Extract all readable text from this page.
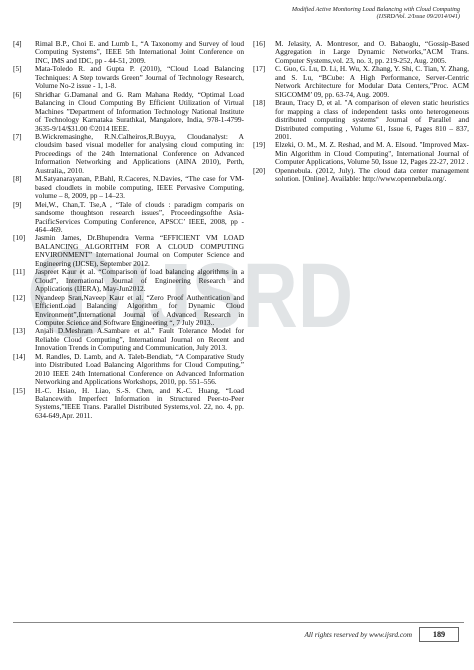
Modified Active Monitoring Load Balancing with Cloud Computing
(IJSRD/Vol. 2/Issue 09/2014/041)
IJSRD
[4] Rimal B.P., Choi E. and Lumb I., “A Taxonomy and Survey of loud Computing Systems”, IEEE 5th International Joint Conference on INC, IMS and IDC, pp - 44-51, 2009.
[5] Mata-Toledo R. and Gupta P. (2010), “Cloud Load Balancing Techniques: A Step towards Green” Journal of Technology Research, Volume No-2 issue - 1, 1-8.
[6] Shridhar G.Damanal and G. Ram Mahana Reddy, “Optimal Load Balancing in Cloud Computing By Efficient Utilization of Virtual Machines ”Department of Information Technology National Institute of Technology Karnataka Surathkal, Mangalore, India, 978-1-4799-3635-9/14/$31.00 ©2014 IEEE.
[7] B.Wickremasinghe, R.N.Calheiros,R.Buyya, Cloudanalyst: A cloudsim based visual modeller for analysing cloud computing in: Proceedings of the 24th International Conference on Advanced Information Networking and Applications (AINA 2010), Perth, Australia,, 2010.
[8] M.Satyanarayanan, P.Bahl, R.Caceres, N.Davies, “The case for VM-based cloudlets in mobile computing, IEEE Pervasive Computing, volume – 8, 2009, pp – 14–23.
[9] Mei,W., Chan,T. Tse,A , “Tale of clouds : paradigm comparis on sandsome thoughtson research issues”, Proceedingsofthe Asia-PacificServices Computing Conference, APSCC’ IEEE, 2008, pp - 464–469.
[10] Jasmin James, Dr.Bhupendra Verma “EFFICIENT VM LOAD BALANCING ALGORITHM FOR A CLOUD COMPUTING ENVIRONMENT” International Journal on Computer Science and Engineering (IJCSE), September 2012.
[11] Jaspreet Kaur et al. “Comparison of load balancing algorithms in a Cloud”, International Journal of Engineering Research and Applications (IJERA), May-Jun2012.
[12] Nyandeep Sran,Naveep Kaur et al. “Zero Proof Authentication and EfficientLoad Balancing Algorithm for Dynamic Cloud Environment”,International Journal of Advanced Research in Computer Science and Software Engineering “, 7 July 2013..
[13] Anjali D.Meshram A.Sambare et al.” Fault Tolerance Model for Reliable Cloud Computing”, International Journal on Recent and Innovation Trends in Computing and Communication, July 2013.
[14] M. Randles, D. Lamb, and A. Taleb-Bendiab, “A Comparative Study into Distributed Load Balancing Algorithms for Cloud Computing,” 2010 IEEE 24th International Conference on Advanced Information Networking and Applications Workshops, 2010, pp. 551–556.
[15] H.-C. Hsiao, H. Liao, S.-S. Chen, and K.-C. Huang, “Load Balancewith Imperfect Information in Structured Peer-to-Peer Systems,”IEEE Trans. Parallel Distributed Systems,vol. 22, no. 4, pp. 634-649,Apr. 2011.
[16] M. Jelasity, A. Montresor, and O. Babaoglu, “Gossip-Based Aggregation in Large Dynamic Networks,”ACM Trans. Computer Systems,vol. 23, no. 3, pp. 219-252, Aug. 2005.
[17] C. Guo, G. Lu, D. Li, H. Wu, X. Zhang, Y. Shi, C. Tian, Y. Zhang, and S. Lu, “BCube: A High Performance, Server-Centric Network Architecture for Modular Data Centers,”Proc. ACM SIGCOMM’ 09, pp. 63-74, Aug. 2009.
[18] Braun, Tracy D, et al. "A comparison of eleven static heuristics for mapping a class of independent tasks onto heterogeneous distributed computing systems" Journal of Parallel and Distributed computing , Volume 61, Issue 6, Pages 810 – 837, 2001.
[19] Elzeki, O. M., M. Z. Reshad, and M. A. Elsoud. "Improved Max-Min Algorithm in Cloud Computing", International Journal of Computer Applications, Volume 50, Issue 12, Pages 22-27, 2012 .
[20] Opennebula. (2012, July). The cloud data center management solution. [Online]. Available: http://www.opennebula.org/.
All rights reserved by www.ijsrd.com	189
